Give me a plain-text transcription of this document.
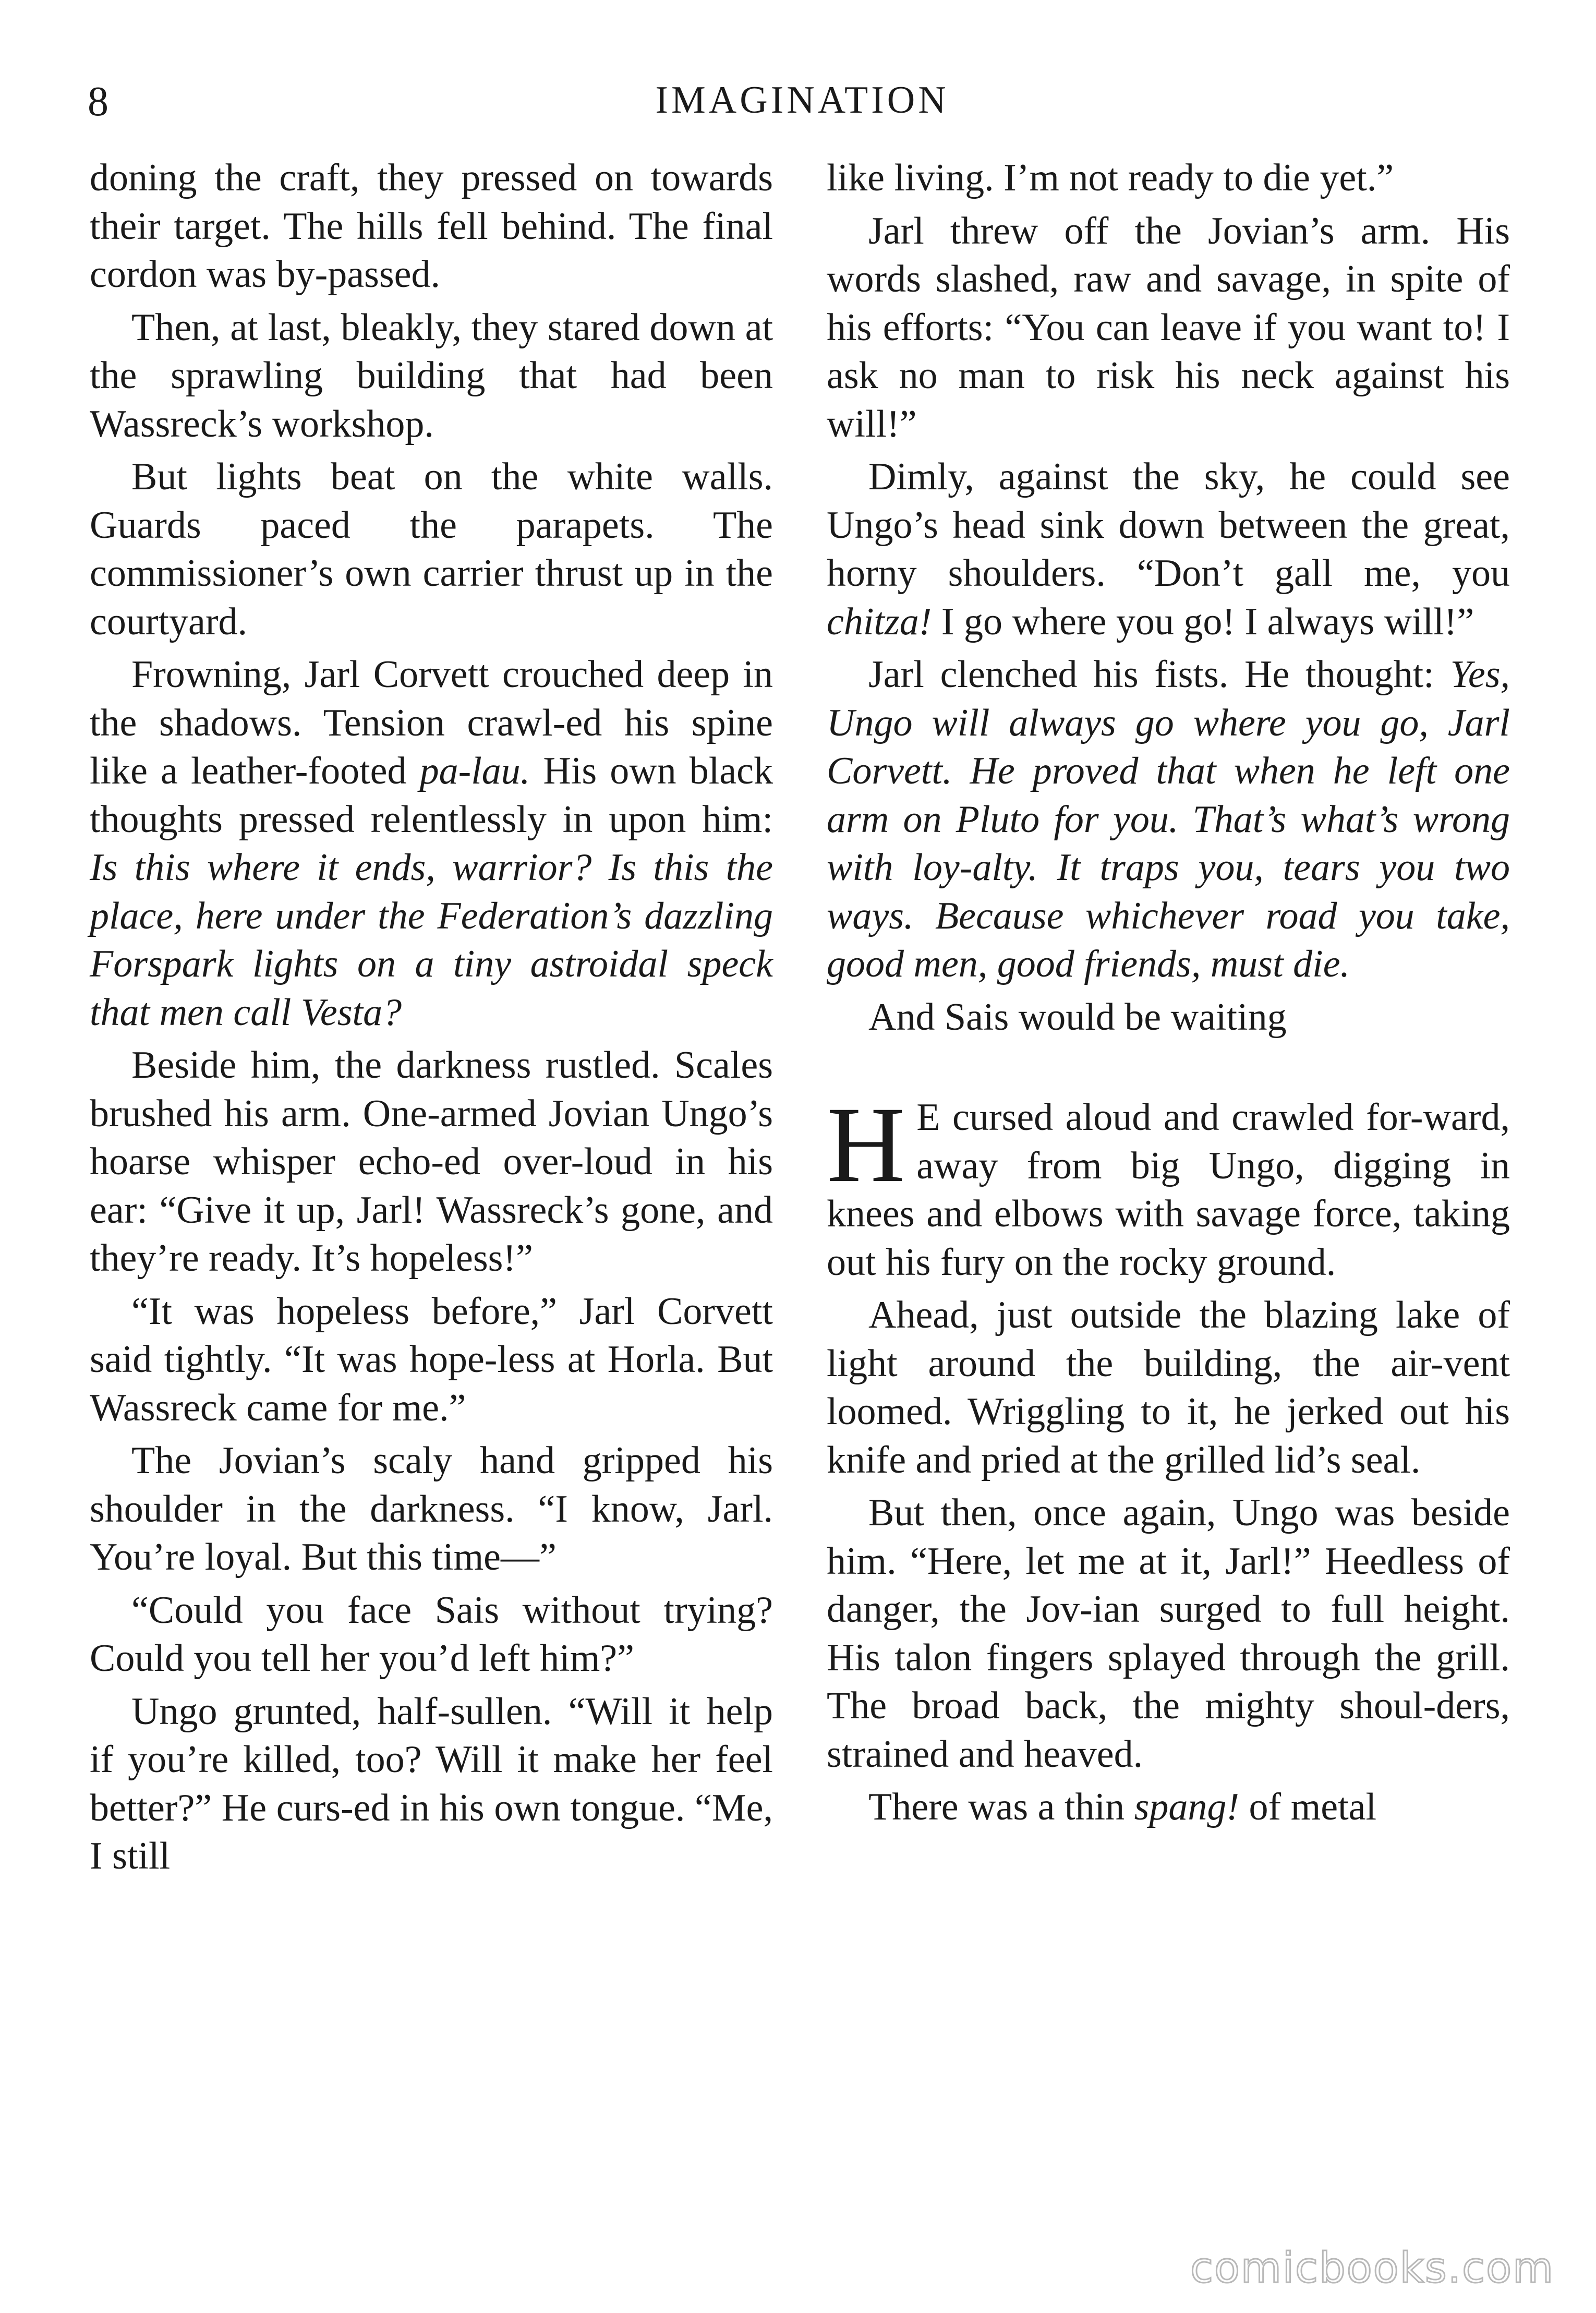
8	IMAGINATION

doning the craft, they pressed on towards their target. The hills fell behind. The final cordon was by-passed.

Then, at last, bleakly, they stared down at the sprawling building that had been Wassreck’s workshop.

But lights beat on the white walls. Guards paced the parapets. The commissioner’s own carrier thrust up in the courtyard.

Frowning, Jarl Corvett crouched deep in the shadows. Tension crawl-ed his spine like a leather-footed pa-lau. His own black thoughts pressed relentlessly in upon him: Is this where it ends, warrior? Is this the place, here under the Federation’s dazzling Forspark lights on a tiny astroidal speck that men call Vesta?

Beside him, the darkness rustled. Scales brushed his arm. One-armed Jovian Ungo’s hoarse whisper echo-ed over-loud in his ear: “Give it up, Jarl! Wassreck’s gone, and they’re ready. It’s hopeless!”

“It was hopeless before,” Jarl Corvett said tightly. “It was hope-less at Horla. But Wassreck came for me.”

The Jovian’s scaly hand gripped his shoulder in the darkness. “I know, Jarl. You’re loyal. But this time—”

“Could you face Sais without trying? Could you tell her you’d left him?”

Ungo grunted, half-sullen. “Will it help if you’re killed, too? Will it make her feel better?” He curs-ed in his own tongue. “Me, I still

like living. I’m not ready to die yet.”

Jarl threw off the Jovian’s arm. His words slashed, raw and savage, in spite of his efforts: “You can leave if you want to! I ask no man to risk his neck against his will!”

Dimly, against the sky, he could see Ungo’s head sink down between the great, horny shoulders. “Don’t gall me, you chitza! I go where you go! I always will!”

Jarl clenched his fists. He thought: Yes, Ungo will always go where you go, Jarl Corvett. He proved that when he left one arm on Pluto for you. That’s what’s wrong with loy-alty. It traps you, tears you two ways. Because whichever road you take, good men, good friends, must die.

And Sais would be waiting

H E cursed aloud and crawled for-ward, away from big Ungo, digging in knees and elbows with savage force, taking out his fury on the rocky ground.

Ahead, just outside the blazing lake of light around the building, the air-vent loomed. Wriggling to it, he jerked out his knife and pried at the grilled lid’s seal.

But then, once again, Ungo was beside him. “Here, let me at it, Jarl!” Heedless of danger, the Jov-ian surged to full height. His talon fingers splayed through the grill. The broad back, the mighty shoul-ders, strained and heaved.

There was a thin spang! of metal

comicbooks.com
